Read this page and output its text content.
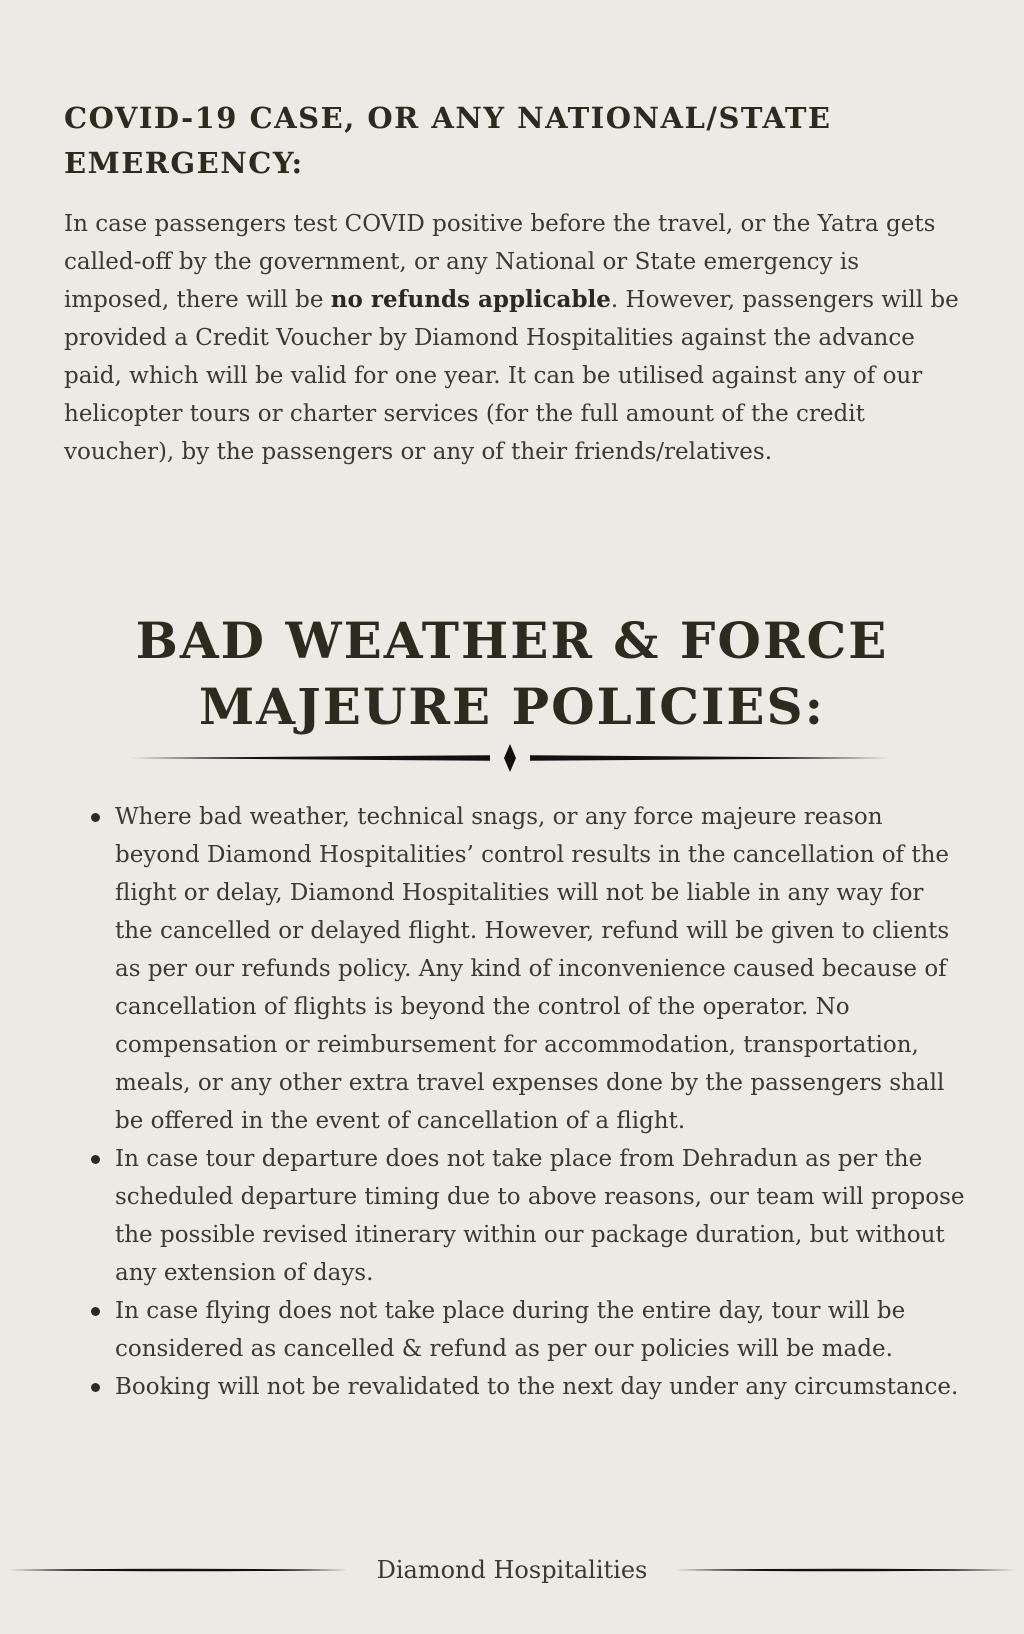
COVID-19 CASE, OR ANY NATIONAL/STATE EMERGENCY:

In case passengers test COVID positive before the travel, or the Yatra gets called-off by the government, or any National or State emergency is imposed, there will be no refunds applicable. However, passengers will be provided a Credit Voucher by Diamond Hospitalities against the advance paid, which will be valid for one year. It can be utilised against any of our helicopter tours or charter services (for the full amount of the credit voucher), by the passengers or any of their friends/relatives.

BAD WEATHER & FORCE MAJEURE POLICIES:
Where bad weather, technical snags, or any force majeure reason beyond Diamond Hospitalities’ control results in the cancellation of the flight or delay, Diamond Hospitalities will not be liable in any way for the cancelled or delayed flight. However, refund will be given to clients as per our refunds policy. Any kind of inconvenience caused because of cancellation of flights is beyond the control of the operator. No compensation or reimbursement for accommodation, transportation, meals, or any other extra travel expenses done by the passengers shall be offered in the event of cancellation of a flight.
In case tour departure does not take place from Dehradun as per the scheduled departure timing due to above reasons, our team will propose the possible revised itinerary within our package duration, but without any extension of days.
In case flying does not take place during the entire day, tour will be considered as cancelled & refund as per our policies will be made.
Booking will not be revalidated to the next day under any circumstance.
Diamond Hospitalities
